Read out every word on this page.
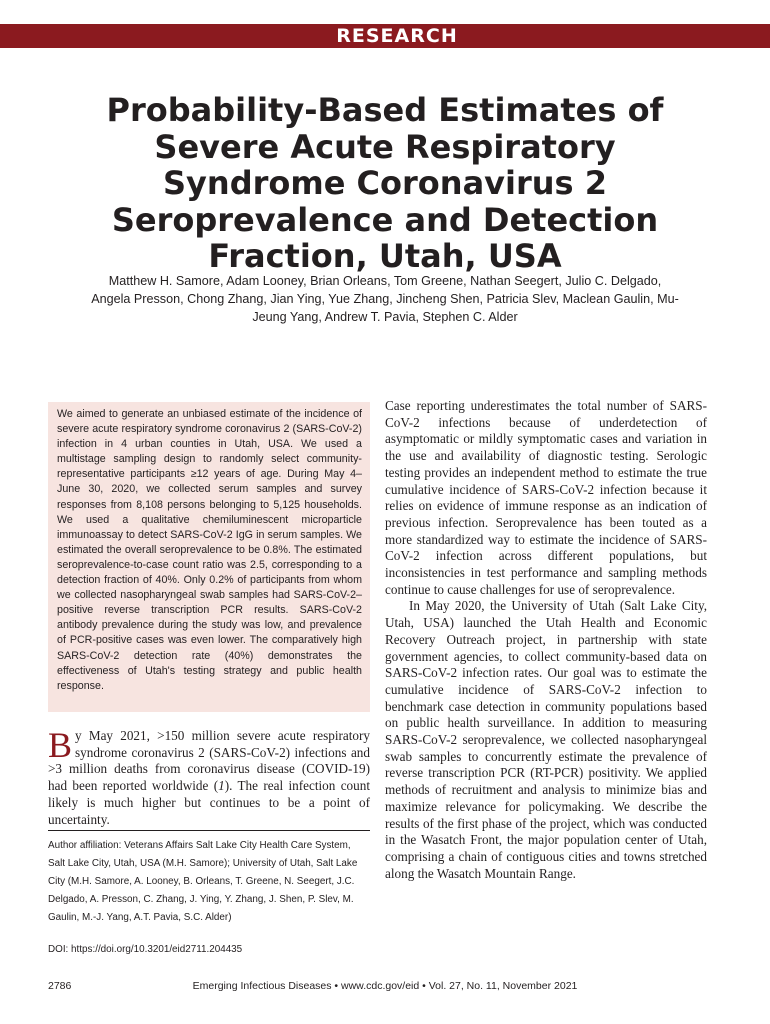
RESEARCH
Probability-Based Estimates of Severe Acute Respiratory Syndrome Coronavirus 2 Seroprevalence and Detection Fraction, Utah, USA

Matthew H. Samore, Adam Looney, Brian Orleans, Tom Greene, Nathan Seegert, Julio C. Delgado, Angela Presson, Chong Zhang, Jian Ying, Yue Zhang, Jincheng Shen, Patricia Slev, Maclean Gaulin, Mu-Jeung Yang, Andrew T. Pavia, Stephen C. Alder

We aimed to generate an unbiased estimate of the incidence of severe acute respiratory syndrome coronavirus 2 (SARS-CoV-2) infection in 4 urban counties in Utah, USA. We used a multistage sampling design to randomly select community-representative participants ≥12 years of age. During May 4–June 30, 2020, we collected serum samples and survey responses from 8,108 persons belonging to 5,125 households. We used a qualitative chemiluminescent microparticle immunoassay to detect SARS-CoV-2 IgG in serum samples. We estimated the overall seroprevalence to be 0.8%. The estimated seroprevalence-to-case count ratio was 2.5, corresponding to a detection fraction of 40%. Only 0.2% of participants from whom we collected nasopharyngeal swab samples had SARS-CoV-2–positive reverse transcription PCR results. SARS-CoV-2 antibody prevalence during the study was low, and prevalence of PCR-positive cases was even lower. The comparatively high SARS-CoV-2 detection rate (40%) demonstrates the effectiveness of Utah's testing strategy and public health response.

By May 2021, >150 million severe acute respiratory syndrome coronavirus 2 (SARS-CoV-2) infections and >3 million deaths from coronavirus disease (COVID-19) had been reported worldwide (1). The real infection count likely is much higher but continues to be a point of uncertainty.

Author affiliation: Veterans Affairs Salt Lake City Health Care System, Salt Lake City, Utah, USA (M.H. Samore); University of Utah, Salt Lake City (M.H. Samore, A. Looney, B. Orleans, T. Greene, N. Seegert, J.C. Delgado, A. Presson, C. Zhang, J. Ying, Y. Zhang, J. Shen, P. Slev, M. Gaulin, M.-J. Yang, A.T. Pavia, S.C. Alder)

DOI: https://doi.org/10.3201/eid2711.204435

Case reporting underestimates the total number of SARS-CoV-2 infections because of underdetection of asymptomatic or mildly symptomatic cases and variation in the use and availability of diagnostic testing. Serologic testing provides an independent method to estimate the true cumulative incidence of SARS-CoV-2 infection because it relies on evidence of immune response as an indication of previous infection. Seroprevalence has been touted as a more standardized way to estimate the incidence of SARS-CoV-2 infection across different populations, but inconsistencies in test performance and sampling methods continue to cause challenges for use of seroprevalence.

In May 2020, the University of Utah (Salt Lake City, Utah, USA) launched the Utah Health and Economic Recovery Outreach project, in partnership with state government agencies, to collect community-based data on SARS-CoV-2 infection rates. Our goal was to estimate the cumulative incidence of SARS-CoV-2 infection to benchmark case detection in community populations based on public health surveillance. In addition to measuring SARS-CoV-2 seroprevalence, we collected nasopharyngeal swab samples to concurrently estimate the prevalence of reverse transcription PCR (RT-PCR) positivity. We applied methods of recruitment and analysis to minimize bias and maximize relevance for policymaking. We describe the results of the first phase of the project, which was conducted in the Wasatch Front, the major population center of Utah, comprising a chain of contiguous cities and towns stretched along the Wasatch Mountain Range.

2786	Emerging Infectious Diseases • www.cdc.gov/eid • Vol. 27, No. 11, November 2021
